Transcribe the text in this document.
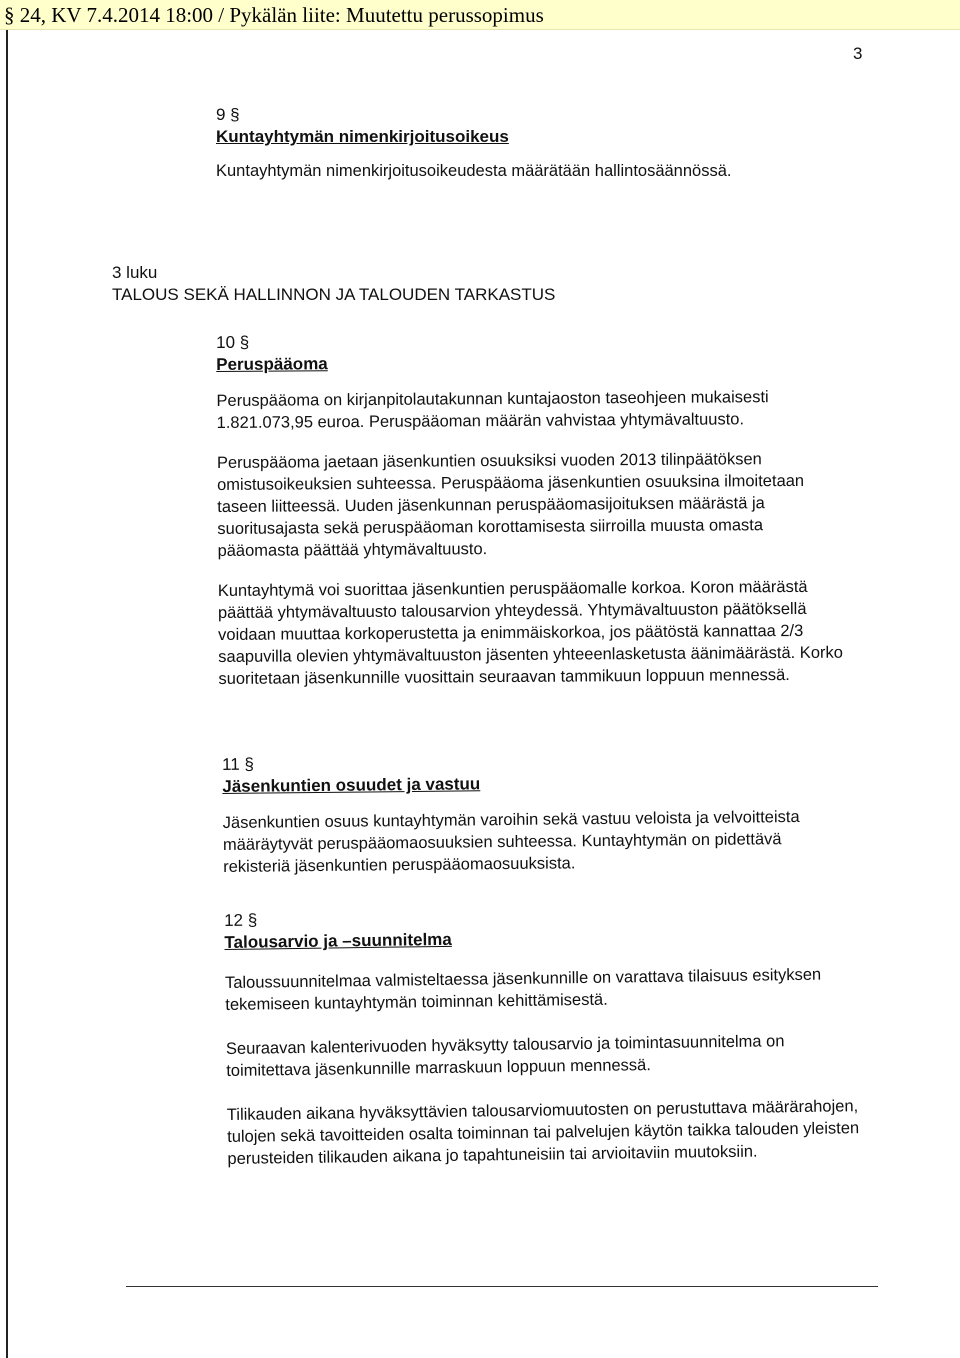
§ 24, KV 7.4.2014 18:00 / Pykälän liite: Muutettu perussopimus
3
9 §
Kuntayhtymän nimenkirjoitusoikeus

Kuntayhtymän nimenkirjoitusoikeudesta määrätään hallintosäännössä.

3 luku
TALOUS SEKÄ HALLINNON JA TALOUDEN TARKASTUS
10 §
Peruspääoma

Peruspääoma on kirjanpitolautakunnan kuntajaoston taseohjeen mukaisesti 1.821.073,95 euroa. Peruspääoman määrän vahvistaa yhtymävaltuusto.

Peruspääoma jaetaan jäsenkuntien osuuksiksi vuoden 2013 tilinpäätöksen omistusoikeuksien suhteessa. Peruspääoma jäsenkuntien osuuksina ilmoitetaan taseen liitteessä. Uuden jäsenkunnan peruspääomasijoituksen määrästä ja suoritusajasta sekä peruspääoman korottamisesta siirroilla muusta omasta pääomasta päättää yhtymävaltuusto.

Kuntayhtymä voi suorittaa jäsenkuntien peruspääomalle korkoa. Koron määrästä päättää yhtymävaltuusto talousarvion yhteydessä. Yhtymävaltuuston päätöksellä voidaan muuttaa korkoperustetta ja enimmäiskorkoa, jos päätöstä kannattaa 2/3 saapuvilla olevien yhtymävaltuuston jäsenten yhteeenlasketusta äänimäärästä. Korko suoritetaan jäsenkunnille vuosittain seuraavan tammikuun loppuun mennessä.

11 §
Jäsenkuntien osuudet ja vastuu

Jäsenkuntien osuus kuntayhtymän varoihin sekä vastuu veloista ja velvoitteista määräytyvät peruspääomaosuuksien suhteessa. Kuntayhtymän on pidettävä rekisteriä jäsenkuntien peruspääomaosuuksista.

12 §
Talousarvio ja –suunnitelma

Taloussuunnitelmaa valmisteltaessa jäsenkunnille on varattava tilaisuus esityksen tekemiseen kuntayhtymän toiminnan kehittämisestä.

Seuraavan kalenterivuoden hyväksytty talousarvio ja toimintasuunnitelma on toimitettava jäsenkunnille marraskuun loppuun mennessä.

Tilikauden aikana hyväksyttävien talousarviomuutosten on perustuttava määrärahojen, tulojen sekä tavoitteiden osalta toiminnan tai palvelujen käytön taikka talouden yleisten perusteiden tilikauden aikana jo tapahtuneisiin tai arvioitaviin muutoksiin.
